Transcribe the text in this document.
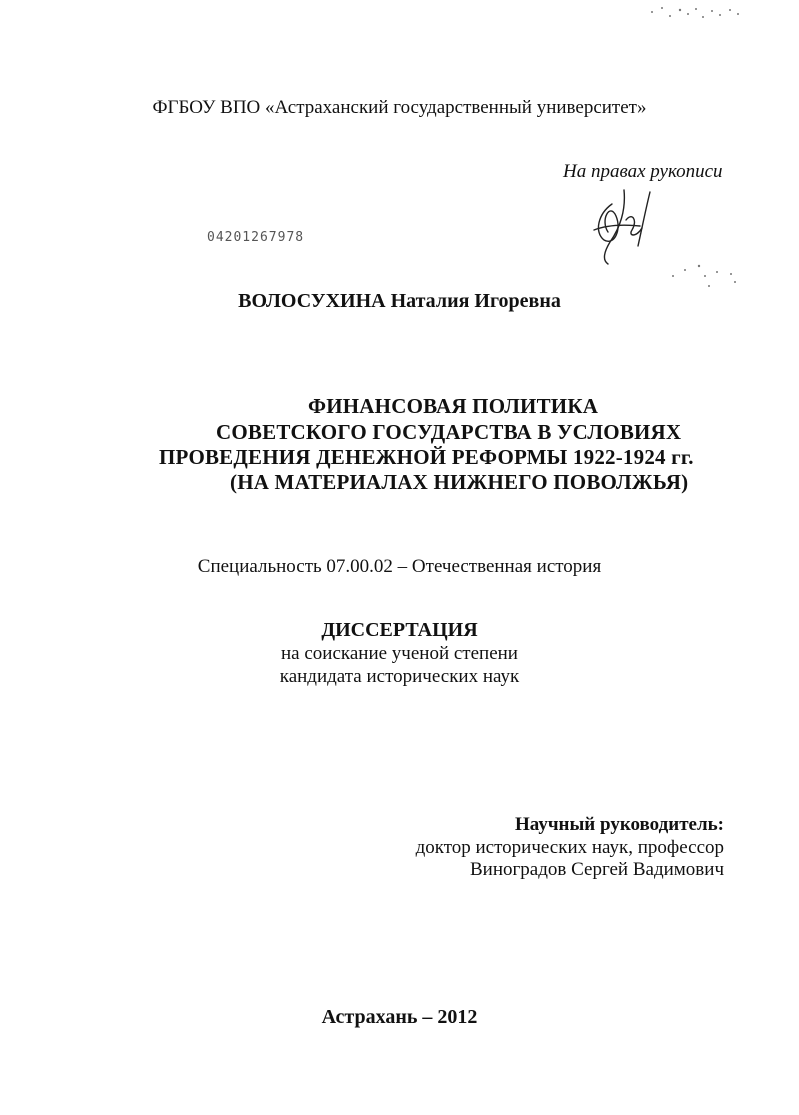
ФГБОУ ВПО «Астраханский государственный университет»
На правах рукописи
04201267978
ВОЛОСУХИНА Наталия Игоревна
ФИНАНСОВАЯ ПОЛИТИКА
СОВЕТСКОГО ГОСУДАРСТВА В УСЛОВИЯХ
ПРОВЕДЕНИЯ ДЕНЕЖНОЙ РЕФОРМЫ 1922-1924 гг.
(НА МАТЕРИАЛАХ НИЖНЕГО ПОВОЛЖЬЯ)
Специальность 07.00.02 – Отечественная история
ДИССЕРТАЦИЯ
на соискание ученой степени
кандидата исторических наук
Научный руководитель:
доктор исторических наук, профессор
Виноградов Сергей Вадимович
Астрахань – 2012
